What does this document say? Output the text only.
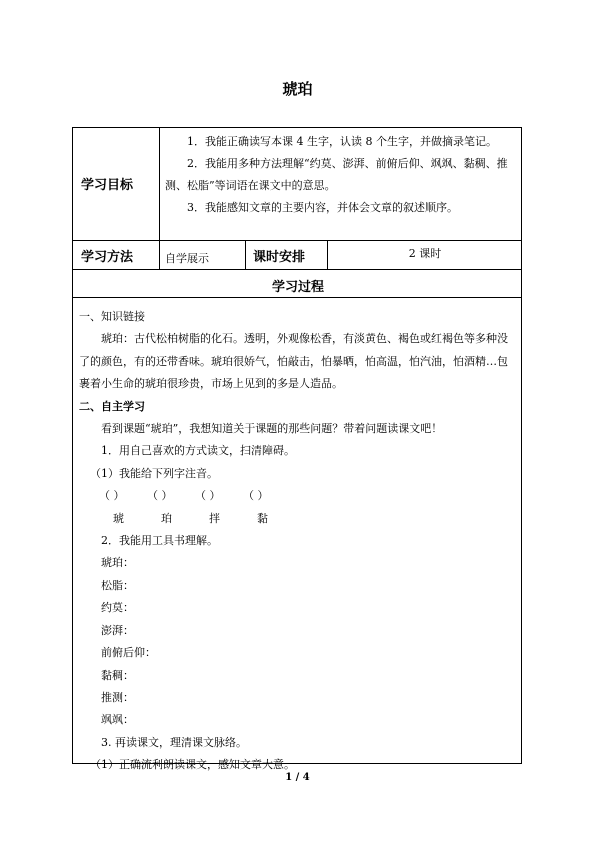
琥珀
学习目标

1．我能正确读写本课 4 生字，认读 8 个生字，并做摘录笔记。

2．我能用多种方法理解“约莫、澎湃、前俯后仰、飒飒、黏稠、推测、松脂”等词语在课文中的意思。

3．我能感知文章的主要内容，并体会文章的叙述顺序。

学习方法	自学展示	课时安排	2 课时
学习过程

一、知识链接

琥珀：古代松柏树脂的化石。透明，外观像松香，有淡黄色、褐色或红褐色等多种没了的颜色，有的还带香味。琥珀很娇气，怕敲击，怕暴晒，怕高温，怕汽油，怕酒精…包裹着小生命的琥珀很珍贵，市场上见到的多是人造品。

二、自主学习

看到课题“琥珀”，我想知道关于课题的那些问题？带着问题读课文吧！

1．用自己喜欢的方式读文，扫清障碍。

（1）我能给下列字注音。

（ ）	（ ）	（ ）	（ ）
琥	珀	拌	黏

2．我能用工具书理解。

琥珀：

松脂：

约莫：

澎湃：

前俯后仰：

黏稠：

推测：

飒飒：

3. 再读课文，理清课文脉络。

（1）正确流利朗读课文，感知文章大意。

1 / 4
